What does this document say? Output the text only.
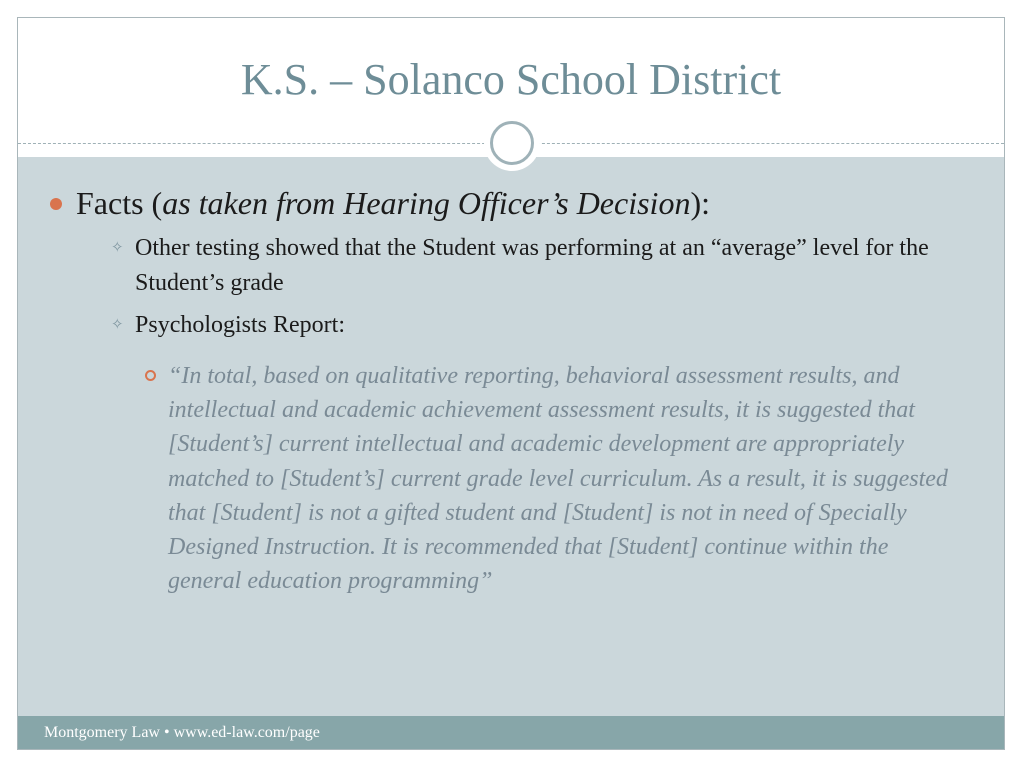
K.S. – Solanco School District
Facts (as taken from Hearing Officer’s Decision):
✧ Other testing showed that the Student was performing at an “average” level for the Student’s grade
✧ Psychologists Report:
“In total, based on qualitative reporting, behavioral assessment results, and intellectual and academic achievement assessment results, it is suggested that [Student’s] current intellectual and academic development are appropriately matched to [Student’s] current grade level curriculum. As a result, it is suggested that [Student] is not a gifted student and [Student] is not in need of Specially Designed Instruction. It is recommended that [Student] continue within the general education programming”
Montgomery Law • www.ed-law.com/page
